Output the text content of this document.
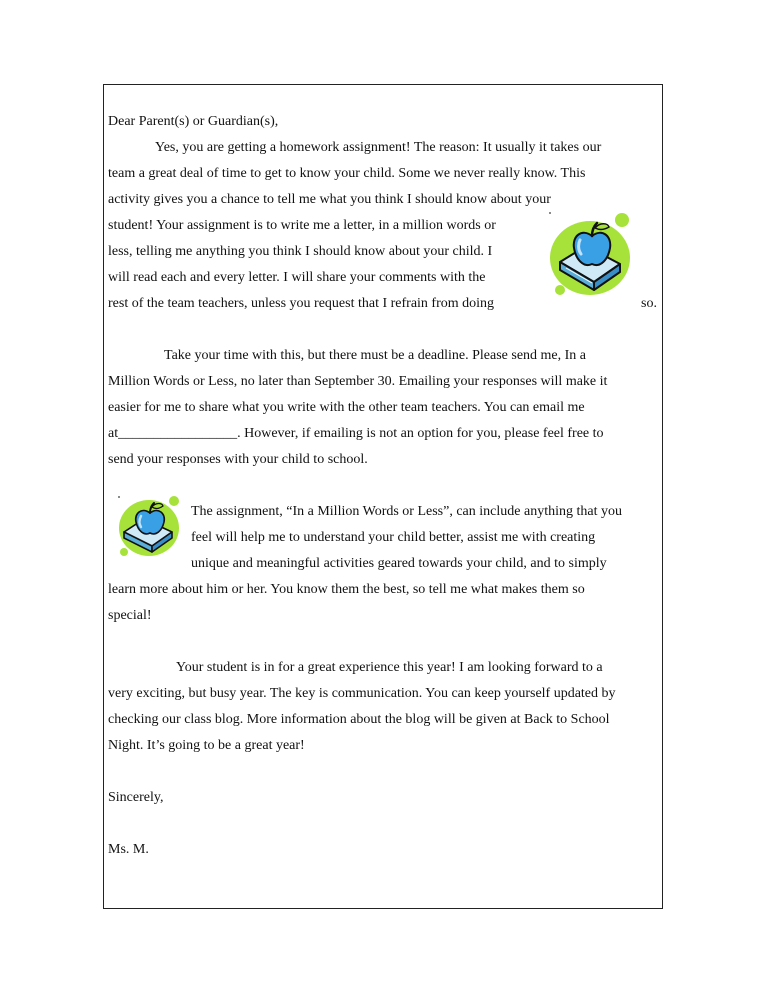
Dear Parent(s) or Guardian(s),
Yes, you are getting a homework assignment! The reason: It usually it takes our
team a great deal of time to get to know your child. Some we never really know. This
activity gives you a chance to tell me what you think I should know about your
student! Your assignment is to write me a letter, in a million words or
less, telling me anything you think I should know about your child. I
will read each and every letter. I will share your comments with the
rest of the team teachers, unless you request that I refrain from doing	so.
Take your time with this, but there must be a deadline. Please send me, In a
Million Words or Less, no later than September 30. Emailing your responses will make it
easier for me to share what you write with the other team teachers. You can email me
at_________________. However, if emailing is not an option for you, please feel free to
send your responses with your child to school.
The assignment, “In a Million Words or Less”, can include anything that you
feel will help me to understand your child better, assist me with creating
unique and meaningful activities geared towards your child, and to simply
learn more about him or her. You know them the best, so tell me what makes them so
special!
Your student is in for a great experience this year! I am looking forward to a
very exciting, but busy year. The key is communication. You can keep yourself updated by
checking our class blog. More information about the blog will be given at Back to School
Night. It’s going to be a great year!
Sincerely,
Ms. M.
